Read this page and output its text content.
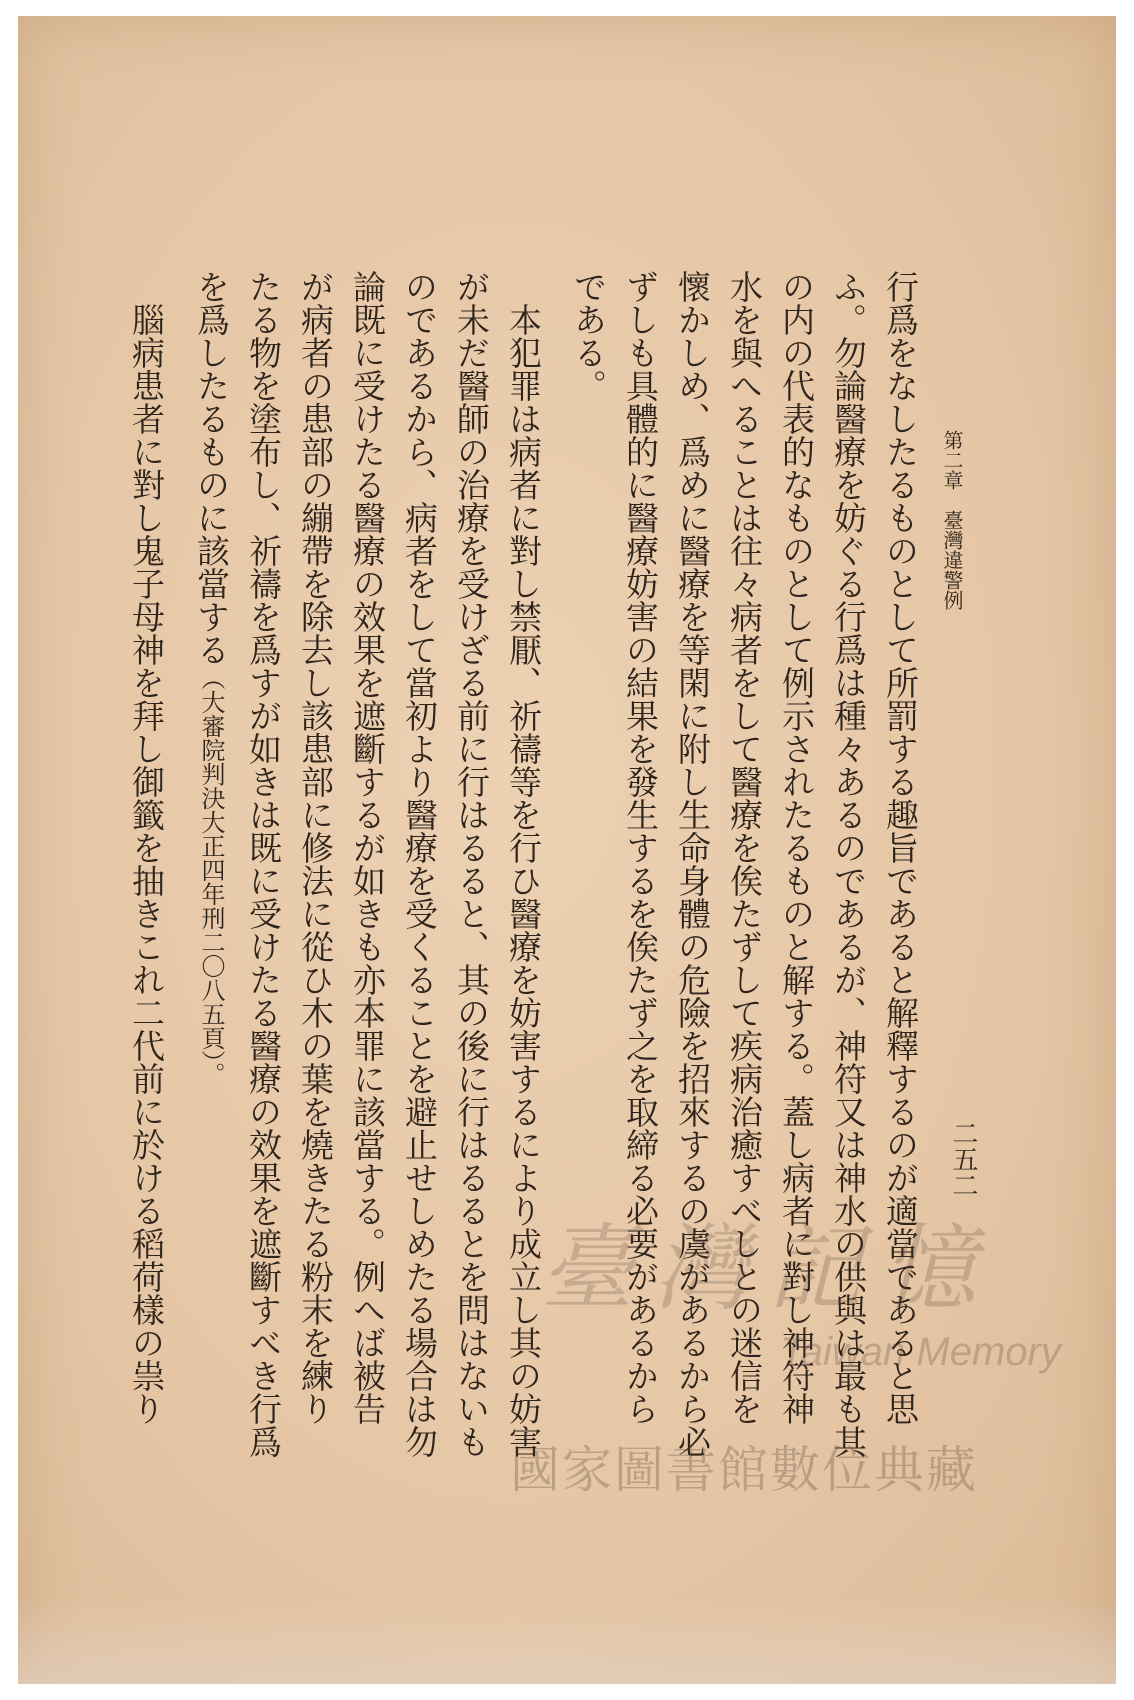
第二章　臺灣違警例
二五二
行爲をなしたるものとして所罰する趣旨であると解釋するのが適當であると思
ふ。勿論醫療を妨ぐる行爲は種々あるのであるが、神符又は神水の供與は最も其
の内の代表的なものとして例示されたるものと解する。蓋し病者に對し神符神
水を與へることは往々病者をして醫療を俟たずして疾病治癒すべしとの迷信を
懷かしめ、爲めに醫療を等閑に附し生命身體の危險を招來するの虞があるから必
ずしも具體的に醫療妨害の結果を發生するを俟たず之を取締る必要があるから
である。
　本犯罪は病者に對し禁厭、祈禱等を行ひ醫療を妨害するにより成立し其の妨害
が未だ醫師の治療を受けざる前に行はるると、其の後に行はるるとを問はないも
のであるから、病者をして當初より醫療を受くることを避止せしめたる場合は勿
論既に受けたる醫療の效果を遮斷するが如きも亦本罪に該當する。例へば被告
が病者の患部の繃帶を除去し該患部に修法に從ひ木の葉を燒きたる粉末を練り
たる物を塗布し、祈禱を爲すが如きは既に受けたる醫療の效果を遮斷すべき行爲
を爲したるものに該當する（大審院判決大正四年刑二〇八五頁）。
　腦病患者に對し鬼子母神を拜し御籤を抽きこれ二代前に於ける稻荷樣の祟り	臺灣記憶
Taiwan Memory
國家圖書館數位典藏
